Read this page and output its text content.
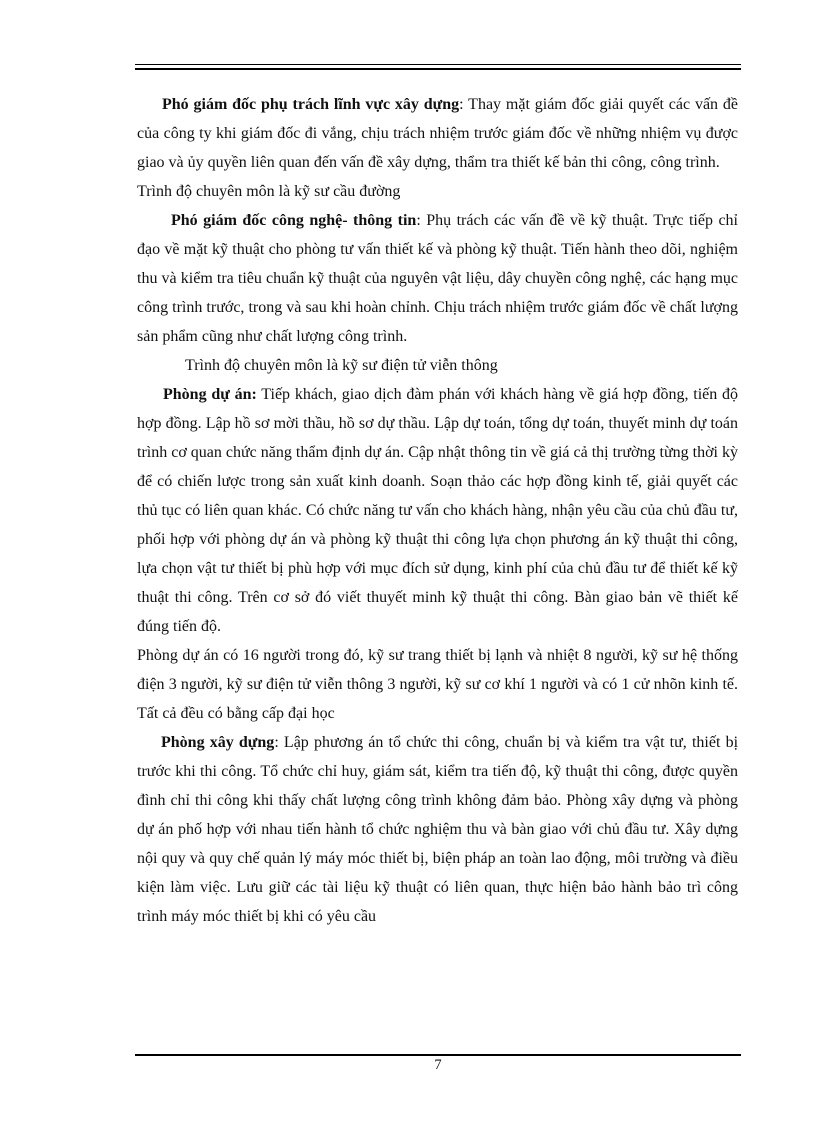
Phó giám đốc phụ trách lĩnh vực xây dựng: Thay mặt giám đốc giải quyết các vấn đề của công ty khi giám đốc đi vắng, chịu trách nhiệm trước giám đốc về những nhiệm vụ được giao và ủy quyền liên quan đến vấn đề xây dựng, thẩm tra thiết kế bản thi công, công trình.

Trình độ chuyên môn là kỹ sư cầu đường

Phó giám đốc công nghệ- thông tin: Phụ trách các vấn đề về kỹ thuật. Trực tiếp chỉ đạo về mặt kỹ thuật cho phòng tư vấn thiết kế và phòng kỹ thuật. Tiến hành theo dõi, nghiệm thu và kiểm tra tiêu chuẩn kỹ thuật của nguyên vật liệu, dây chuyền công nghệ, các hạng mục công trình trước, trong và sau khi hoàn chỉnh. Chịu trách nhiệm trước giám đốc về chất lượng sản phẩm cũng như chất lượng công trình.

Trình độ chuyên môn là kỹ sư điện tử viễn thông

Phòng dự án: Tiếp khách, giao dịch đàm phán với khách hàng về giá hợp đồng, tiến độ hợp đồng. Lập hồ sơ mời thầu, hồ sơ dự thầu. Lập dự toán, tổng dự toán, thuyết minh dự toán trình cơ quan chức năng thẩm định dự án. Cập nhật thông tin về giá cả thị trường từng thời kỳ để có chiến lược trong sản xuất kinh doanh. Soạn thảo các hợp đồng kinh tế, giải quyết các thủ tục có liên quan khác. Có chức năng tư vấn cho khách hàng, nhận yêu cầu của chủ đầu tư, phối hợp với phòng dự án và phòng kỹ thuật thi công lựa chọn phương án kỹ thuật thi công, lựa chọn vật tư thiết bị phù hợp với mục đích sử dụng, kinh phí của chủ đầu tư để thiết kế kỹ thuật thi công. Trên cơ sở đó viết thuyết minh kỹ thuật thi công. Bàn giao bản vẽ thiết kế đúng tiến độ.

Phòng dự án có 16 người trong đó, kỹ sư trang thiết bị lạnh và nhiệt 8 người, kỹ sư hệ thống điện 3 người, kỹ sư điện tử viễn thông 3 người, kỹ sư cơ khí 1 người và có 1 cử nhõn kinh tế. Tất cả đều có bằng cấp đại học

Phòng xây dựng: Lập phương án tổ chức thi công, chuẩn bị và kiểm tra vật tư, thiết bị trước khi thi công. Tổ chức chỉ huy, giám sát, kiểm tra tiến độ, kỹ thuật thi công, được quyền đình chỉ thi công khi thấy chất lượng công trình không đảm bảo. Phòng xây dựng và phòng dự án phố hợp với nhau tiến hành tổ chức nghiệm thu và bàn giao với chủ đầu tư. Xây dựng nội quy và quy chế quản lý máy móc thiết bị, biện pháp an toàn lao động, môi trường và điều kiện làm việc. Lưu giữ các tài liệu kỹ thuật có liên quan, thực hiện bảo hành bảo trì công trình máy móc thiết bị khi có yêu cầu

7
